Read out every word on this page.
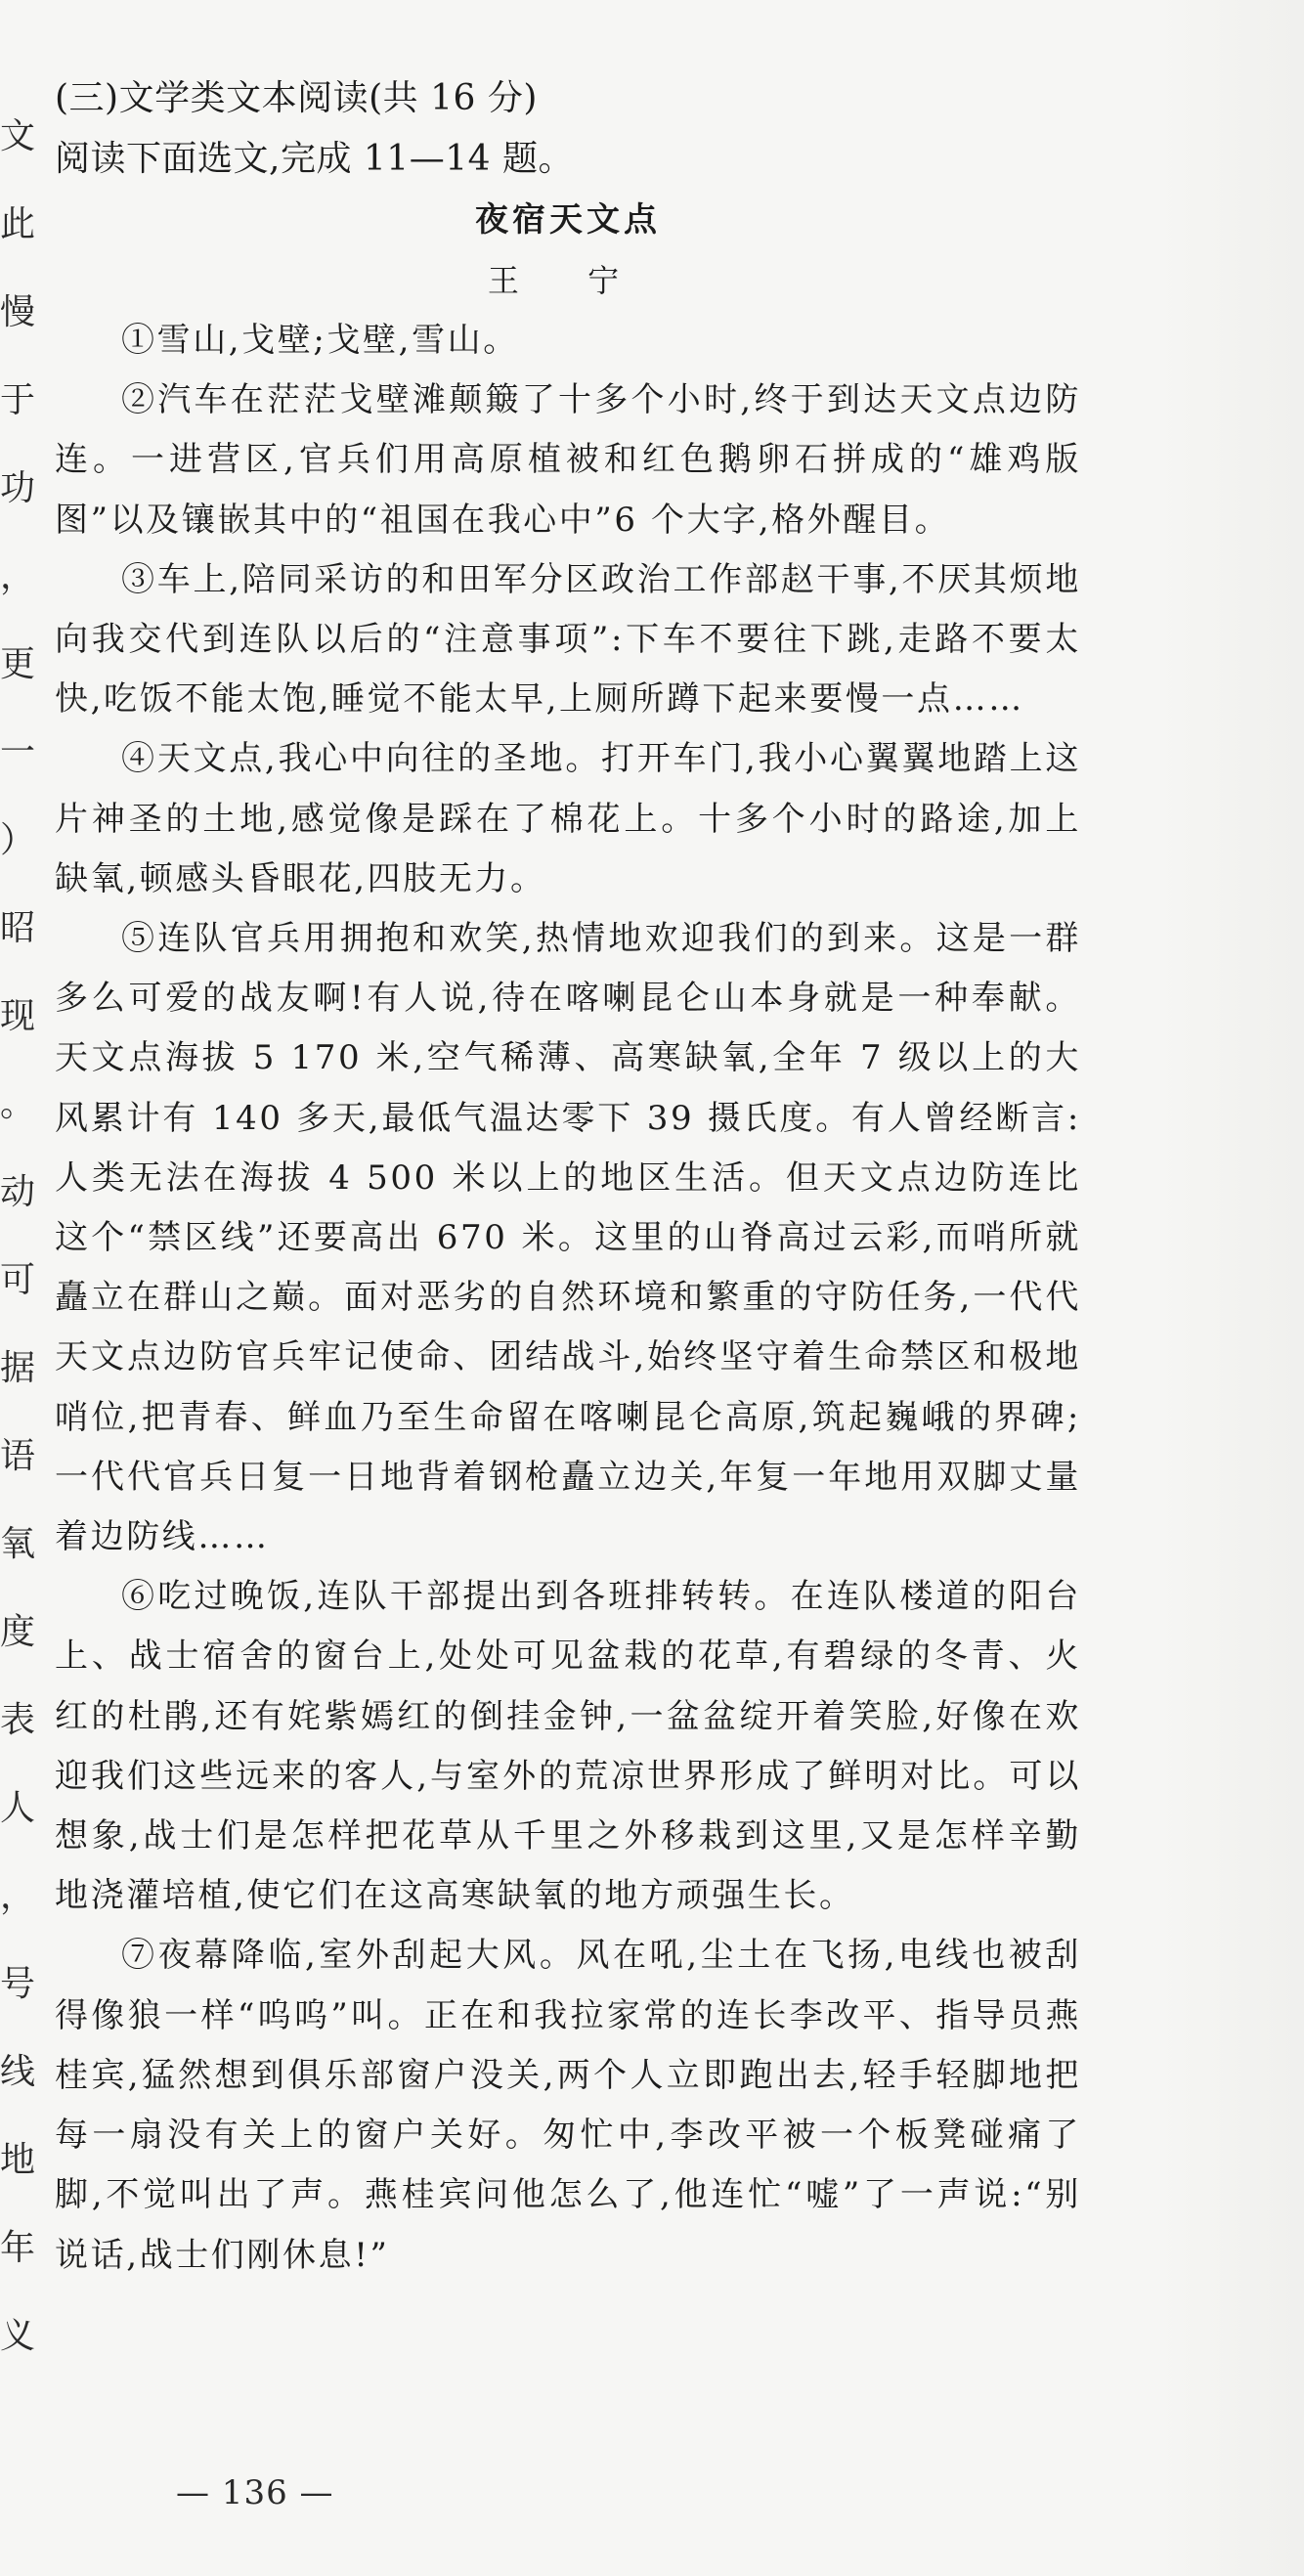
文
此
慢
于
功
，
更
一
）
昭
现
。
动
可
据
语
氧
度
表
人
，
号
线
地
年
义
(三)文学类文本阅读(共 16 分)
阅读下面选文,完成 11—14 题。
夜宿天文点
王 宁

①雪山,戈壁;戈壁,雪山。

②汽车在茫茫戈壁滩颠簸了十多个小时,终于到达天文点边防连。一进营区,官兵们用高原植被和红色鹅卵石拼成的“雄鸡版图”以及镶嵌其中的“祖国在我心中”6 个大字,格外醒目。

③车上,陪同采访的和田军分区政治工作部赵干事,不厌其烦地向我交代到连队以后的“注意事项”:下车不要往下跳,走路不要太快,吃饭不能太饱,睡觉不能太早,上厕所蹲下起来要慢一点……

④天文点,我心中向往的圣地。打开车门,我小心翼翼地踏上这片神圣的土地,感觉像是踩在了棉花上。十多个小时的路途,加上缺氧,顿感头昏眼花,四肢无力。

⑤连队官兵用拥抱和欢笑,热情地欢迎我们的到来。这是一群多么可爱的战友啊!有人说,待在喀喇昆仑山本身就是一种奉献。天文点海拔 5 170 米,空气稀薄、高寒缺氧,全年 7 级以上的大风累计有 140 多天,最低气温达零下 39 摄氏度。有人曾经断言:人类无法在海拔 4 500 米以上的地区生活。但天文点边防连比这个“禁区线”还要高出 670 米。这里的山脊高过云彩,而哨所就矗立在群山之巅。面对恶劣的自然环境和繁重的守防任务,一代代天文点边防官兵牢记使命、团结战斗,始终坚守着生命禁区和极地哨位,把青春、鲜血乃至生命留在喀喇昆仑高原,筑起巍峨的界碑;一代代官兵日复一日地背着钢枪矗立边关,年复一年地用双脚丈量着边防线……

⑥吃过晚饭,连队干部提出到各班排转转。在连队楼道的阳台上、战士宿舍的窗台上,处处可见盆栽的花草,有碧绿的冬青、火红的杜鹃,还有姹紫嫣红的倒挂金钟,一盆盆绽开着笑脸,好像在欢迎我们这些远来的客人,与室外的荒凉世界形成了鲜明对比。可以想象,战士们是怎样把花草从千里之外移栽到这里,又是怎样辛勤地浇灌培植,使它们在这高寒缺氧的地方顽强生长。

⑦夜幕降临,室外刮起大风。风在吼,尘土在飞扬,电线也被刮得像狼一样“呜呜”叫。正在和我拉家常的连长李改平、指导员燕桂宾,猛然想到俱乐部窗户没关,两个人立即跑出去,轻手轻脚地把每一扇没有关上的窗户关好。匆忙中,李改平被一个板凳碰痛了脚,不觉叫出了声。燕桂宾问他怎么了,他连忙“嘘”了一声说:“别说话,战士们刚休息!”

— 136 —
